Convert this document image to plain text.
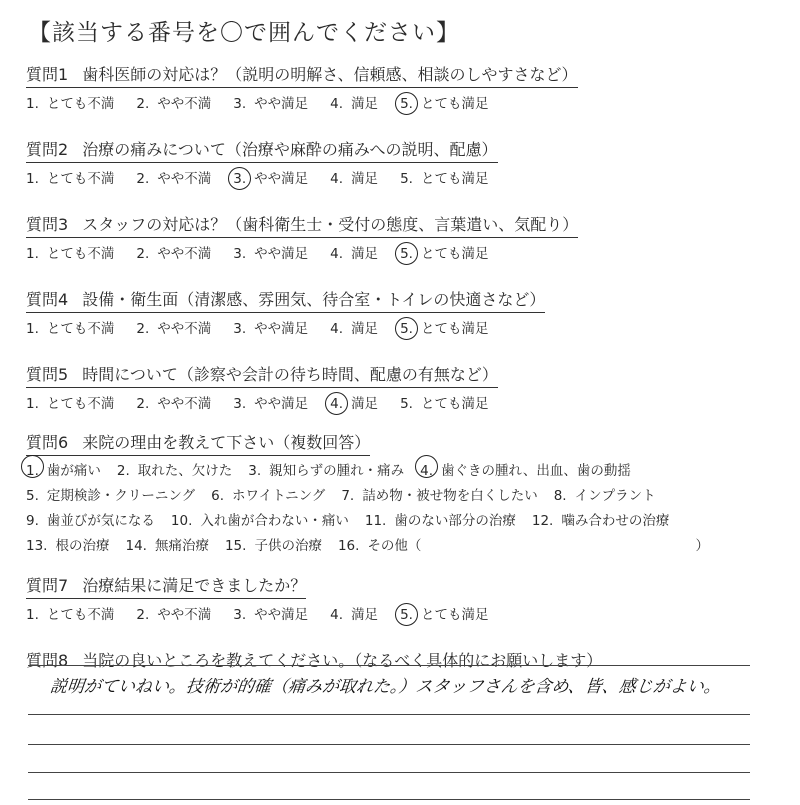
【該当する番号を〇で囲んでください】
質問1 歯科医師の対応は？（説明の明解さ、信頼感、相談のしやすさなど）
1. とても不満 2. やや不満 3. やや満足 4. 満足 5. とても満足
質問2 治療の痛みについて（治療や麻酔の痛みへの説明、配慮）
1. とても不満 2. やや不満 3. やや満足 4. 満足 5. とても満足
質問3 スタッフの対応は？（歯科衛生士・受付の態度、言葉遣い、気配り）
1. とても不満 2. やや不満 3. やや満足 4. 満足 5. とても満足
質問4 設備・衛生面（清潔感、雰囲気、待合室・トイレの快適さなど）
1. とても不満 2. やや不満 3. やや満足 4. 満足 5. とても満足
質問5 時間について（診察や会計の待ち時間、配慮の有無など）
1. とても不満 2. やや不満 3. やや満足 4. 満足 5. とても満足
質問6 来院の理由を教えて下さい（複数回答）
1. 歯が痛い 2. 取れた、欠けた 3. 親知らずの腫れ・痛み 4. 歯ぐきの腫れ、出血、歯の動揺
5. 定期検診・クリーニング 6. ホワイトニング 7. 詰め物・被せ物を白くしたい 8. インプラント
9. 歯並びが気になる 10. 入れ歯が合わない・痛い 11. 歯のない部分の治療 12. 噛み合わせの治療
13. 根の治療 14. 無痛治療 15. 子供の治療 16. その他（	）
質問7 治療結果に満足できましたか？
1. とても不満 2. やや不満 3. やや満足 4. 満足 5. とても満足
質問8 当院の良いところを教えてください。（なるべく具体的にお願いします）
説明がていねい。技術が的確（痛みが取れた。）スタッフさんを含め、皆、感じがよい。
